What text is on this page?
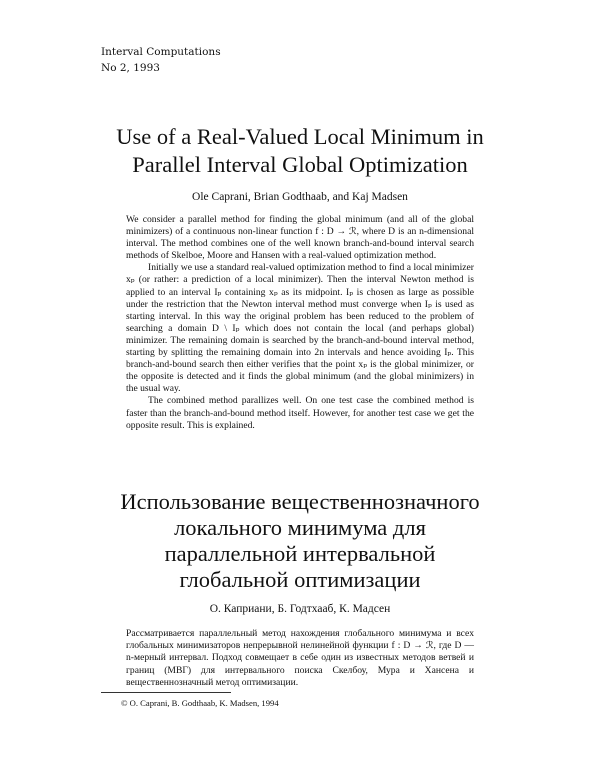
Interval Computations
No 2, 1993
Use of a Real-Valued Local Minimum in
Parallel Interval Global Optimization
Ole Caprani, Brian Godthaab, and Kaj Madsen

We consider a parallel method for finding the global minimum (and all of the global minimizers) of a continuous non-linear function f : D → ℛ, where D is an n-dimensional interval. The method combines one of the well known branch-and-bound interval search methods of Skelboe, Moore and Hansen with a real-valued optimization method.

Initially we use a standard real-valued optimization method to find a local minimizer xₚ (or rather: a prediction of a local minimizer). Then the interval Newton method is applied to an interval Iₚ containing xₚ as its midpoint. Iₚ is chosen as large as possible under the restriction that the Newton interval method must converge when Iₚ is used as starting interval. In this way the original problem has been reduced to the problem of searching a domain D \ Iₚ which does not contain the local (and perhaps global) minimizer. The remaining domain is searched by the branch-and-bound interval method, starting by splitting the remaining domain into 2n intervals and hence avoiding Iₚ. This branch-and-bound search then either verifies that the point xₚ is the global minimizer, or the opposite is detected and it finds the global minimum (and the global minimizers) in the usual way.

The combined method parallizes well. On one test case the combined method is faster than the branch-and-bound method itself. However, for another test case we get the opposite result. This is explained.

Использование вещественнозначного
локального минимума для
параллельной интервальной
глобальной оптимизации
О. Каприани, Б. Годтхааб, К. Мадсен

Рассматривается параллельный метод нахождения глобального минимума и всех глобальных минимизаторов непрерывной нелинейной функции f : D → ℛ, где D — n-мерный интервал. Подход совмещает в себе один из известных методов ветвей и границ (МВГ) для интервального поиска Скелбоу, Мура и Хансена и вещественнозначный метод оптимизации.

© O. Caprani, B. Godthaab, K. Madsen, 1994
